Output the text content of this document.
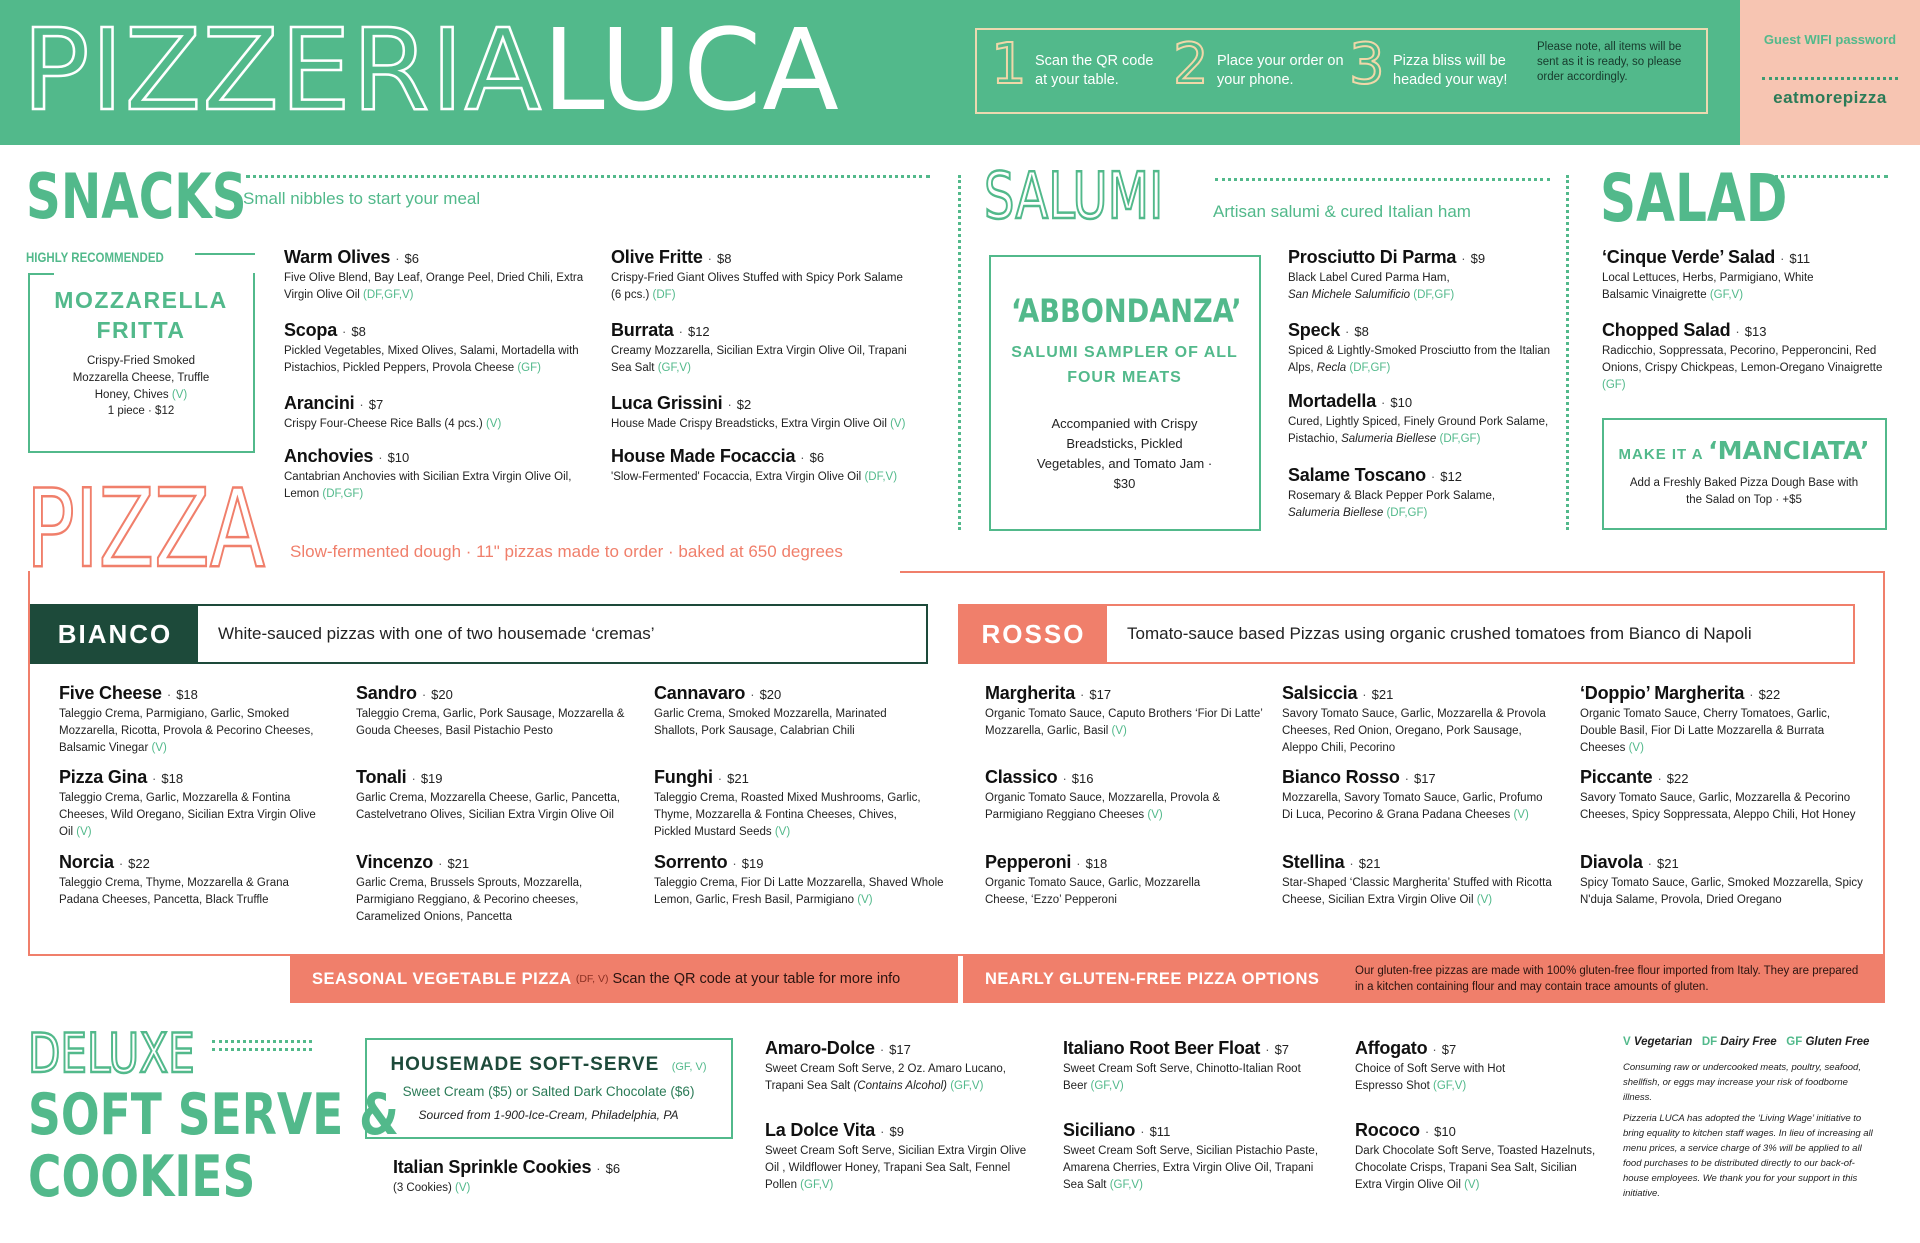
PIZZERIALUCA	1 Scan the QR code at your table. 2 Place your order on your phone. 3 Pizza bliss will be headed your way!
Please note, all items will be sent as it is ready, so please order accordingly.
Guest WIFI password
eatmorepizza
SNACKS
Small nibbles to start your meal
HIGHLY RECOMMENDED
MOZZARELLA FRITTA
Crispy-Fried Smoked Mozzarella Cheese, Truffle Honey, Chives (V)
1 piece · $12
Warm Olives · $6
Five Olive Blend, Bay Leaf, Orange Peel, Dried Chili, Extra Virgin Olive Oil (DF,GF,V)
Scopa · $8
Pickled Vegetables, Mixed Olives, Salami, Mortadella with Pistachios, Pickled Peppers, Provola Cheese (GF)
Arancini · $7
Crispy Four-Cheese Rice Balls (4 pcs.) (V)
Anchovies · $10
Cantabrian Anchovies with Sicilian Extra Virgin Olive Oil, Lemon (DF,GF)
Olive Fritte · $8
Crispy-Fried Giant Olives Stuffed with Spicy Pork Salame (6 pcs.) (DF)
Burrata · $12
Creamy Mozzarella, Sicilian Extra Virgin Olive Oil, Trapani Sea Salt (GF,V)
Luca Grissini · $2
House Made Crispy Breadsticks, Extra Virgin Olive Oil (V)
House Made Focaccia · $6
'Slow-Fermented' Focaccia, Extra Virgin Olive Oil (DF,V)
SALUMI	Artisan salumi & cured Italian ham
‘ABBONDANZA’
SALUMI SAMPLER OF ALL FOUR MEATS
Accompanied with Crispy Breadsticks, Pickled Vegetables, and Tomato Jam · $30
Prosciutto Di Parma · $9
Black Label Cured Parma Ham,
San Michele Salumificio (DF,GF)
Speck · $8
Spiced & Lightly-Smoked Prosciutto from the Italian Alps, Recla (DF,GF)
Mortadella · $10
Cured, Lightly Spiced, Finely Ground Pork Salame, Pistachio, Salumeria Biellese (DF,GF)
Salame Toscano · $12
Rosemary & Black Pepper Pork Salame,
Salumeria Biellese (DF,GF)
SALAD
‘Cinque Verde’ Salad · $11
Local Lettuces, Herbs, Parmigiano, White Balsamic Vinaigrette (GF,V)
Chopped Salad · $13
Radicchio, Soppressata, Pecorino, Pepperoncini, Red Onions, Crispy Chickpeas, Lemon-Oregano Vinaigrette (GF)
MAKE IT A ‘MANCIATA’
Add a Freshly Baked Pizza Dough Base with the Salad on Top · +$5
PIZZA Slow-fermented dough · 11" pizzas made to order · baked at 650 degrees
BIANCO	White-sauced pizzas with one of two housemade ‘cremas’	ROSSO	Tomato-sauce based Pizzas using organic crushed tomatoes from Bianco di Napoli
Five Cheese · $18
Taleggio Crema, Parmigiano, Garlic, Smoked Mozzarella, Ricotta, Provola & Pecorino Cheeses, Balsamic Vinegar (V)
Pizza Gina · $18
Taleggio Crema, Garlic, Mozzarella & Fontina Cheeses, Wild Oregano, Sicilian Extra Virgin Olive Oil (V)
Norcia · $22
Taleggio Crema, Thyme, Mozzarella & Grana Padana Cheeses, Pancetta, Black Truffle
Sandro · $20
Taleggio Crema, Garlic, Pork Sausage, Mozzarella & Gouda Cheeses, Basil Pistachio Pesto
Tonali · $19
Garlic Crema, Mozzarella Cheese, Garlic, Pancetta, Castelvetrano Olives, Sicilian Extra Virgin Olive Oil
Vincenzo · $21
Garlic Crema, Brussels Sprouts, Mozzarella, Parmigiano Reggiano, & Pecorino cheeses, Caramelized Onions, Pancetta
Cannavaro · $20
Garlic Crema, Smoked Mozzarella, Marinated Shallots, Pork Sausage, Calabrian Chili
Funghi · $21
Taleggio Crema, Roasted Mixed Mushrooms, Garlic, Thyme, Mozzarella & Fontina Cheeses, Chives, Pickled Mustard Seeds (V)
Sorrento · $19
Taleggio Crema, Fior Di Latte Mozzarella, Shaved Whole Lemon, Garlic, Fresh Basil, Parmigiano (V)
Margherita · $17
Organic Tomato Sauce, Caputo Brothers ‘Fior Di Latte’ Mozzarella, Garlic, Basil (V)
Classico · $16
Organic Tomato Sauce, Mozzarella, Provola & Parmigiano Reggiano Cheeses (V)
Pepperoni · $18
Organic Tomato Sauce, Garlic, Mozzarella Cheese, ‘Ezzo’ Pepperoni
Salsiccia · $21
Savory Tomato Sauce, Garlic, Mozzarella & Provola Cheeses, Red Onion, Oregano, Pork Sausage, Aleppo Chili, Pecorino
Bianco Rosso · $17
Mozzarella, Savory Tomato Sauce, Garlic, Profumo Di Luca, Pecorino & Grana Padana Cheeses (V)
Stellina · $21
Star-Shaped ‘Classic Margherita’ Stuffed with Ricotta Cheese, Sicilian Extra Virgin Olive Oil (V)
‘Doppio’ Margherita · $22
Organic Tomato Sauce, Cherry Tomatoes, Garlic, Double Basil, Fior Di Latte Mozzarella & Burrata Cheeses (V)
Piccante · $22
Savory Tomato Sauce, Garlic, Mozzarella & Pecorino Cheeses, Spicy Soppressata, Aleppo Chili, Hot Honey
Diavola · $21
Spicy Tomato Sauce, Garlic, Smoked Mozzarella, Spicy N'duja Salame, Provola, Dried Oregano
SEASONAL VEGETABLE PIZZA (DF, V) Scan the QR code at your table for more info	NEARLY GLUTEN-FREE PIZZA OPTIONS	Our gluten-free pizzas are made with 100% gluten-free flour imported from Italy. They are prepared in a kitchen containing flour and may contain trace amounts of gluten.
DELUXE
SOFT SERVE &
COOKIES
HOUSEMADE SOFT-SERVE (GF, V)
Sweet Cream ($5) or Salted Dark Chocolate ($6)
Sourced from 1-900-Ice-Cream, Philadelphia, PA
Italian Sprinkle Cookies · $6
(3 Cookies) (V)
Amaro-Dolce · $17
Sweet Cream Soft Serve, 2 Oz. Amaro Lucano, Trapani Sea Salt (Contains Alcohol) (GF,V)
La Dolce Vita · $9
Sweet Cream Soft Serve, Sicilian Extra Virgin Olive Oil , Wildflower Honey, Trapani Sea Salt, Fennel Pollen (GF,V)
Italiano Root Beer Float · $7
Sweet Cream Soft Serve, Chinotto-Italian Root Beer (GF,V)
Siciliano · $11
Sweet Cream Soft Serve, Sicilian Pistachio Paste, Amarena Cherries, Extra Virgin Olive Oil, Trapani Sea Salt (GF,V)
Affogato · $7
Choice of Soft Serve with Hot Espresso Shot (GF,V)
Rococo · $10
Dark Chocolate Soft Serve, Toasted Hazelnuts, Chocolate Crisps, Trapani Sea Salt, Sicilian Extra Virgin Olive Oil (V)
V Vegetarian DF Dairy Free GF Gluten Free
Consuming raw or undercooked meats, poultry, seafood, shellfish, or eggs may increase your risk of foodborne illness.
Pizzeria LUCA has adopted the ‘Living Wage’ initiative to bring equality to kitchen staff wages. In lieu of increasing all menu prices, a service charge of 3% will be applied to all food purchases to be distributed directly to our back-of-house employees. We thank you for your support in this initiative.
